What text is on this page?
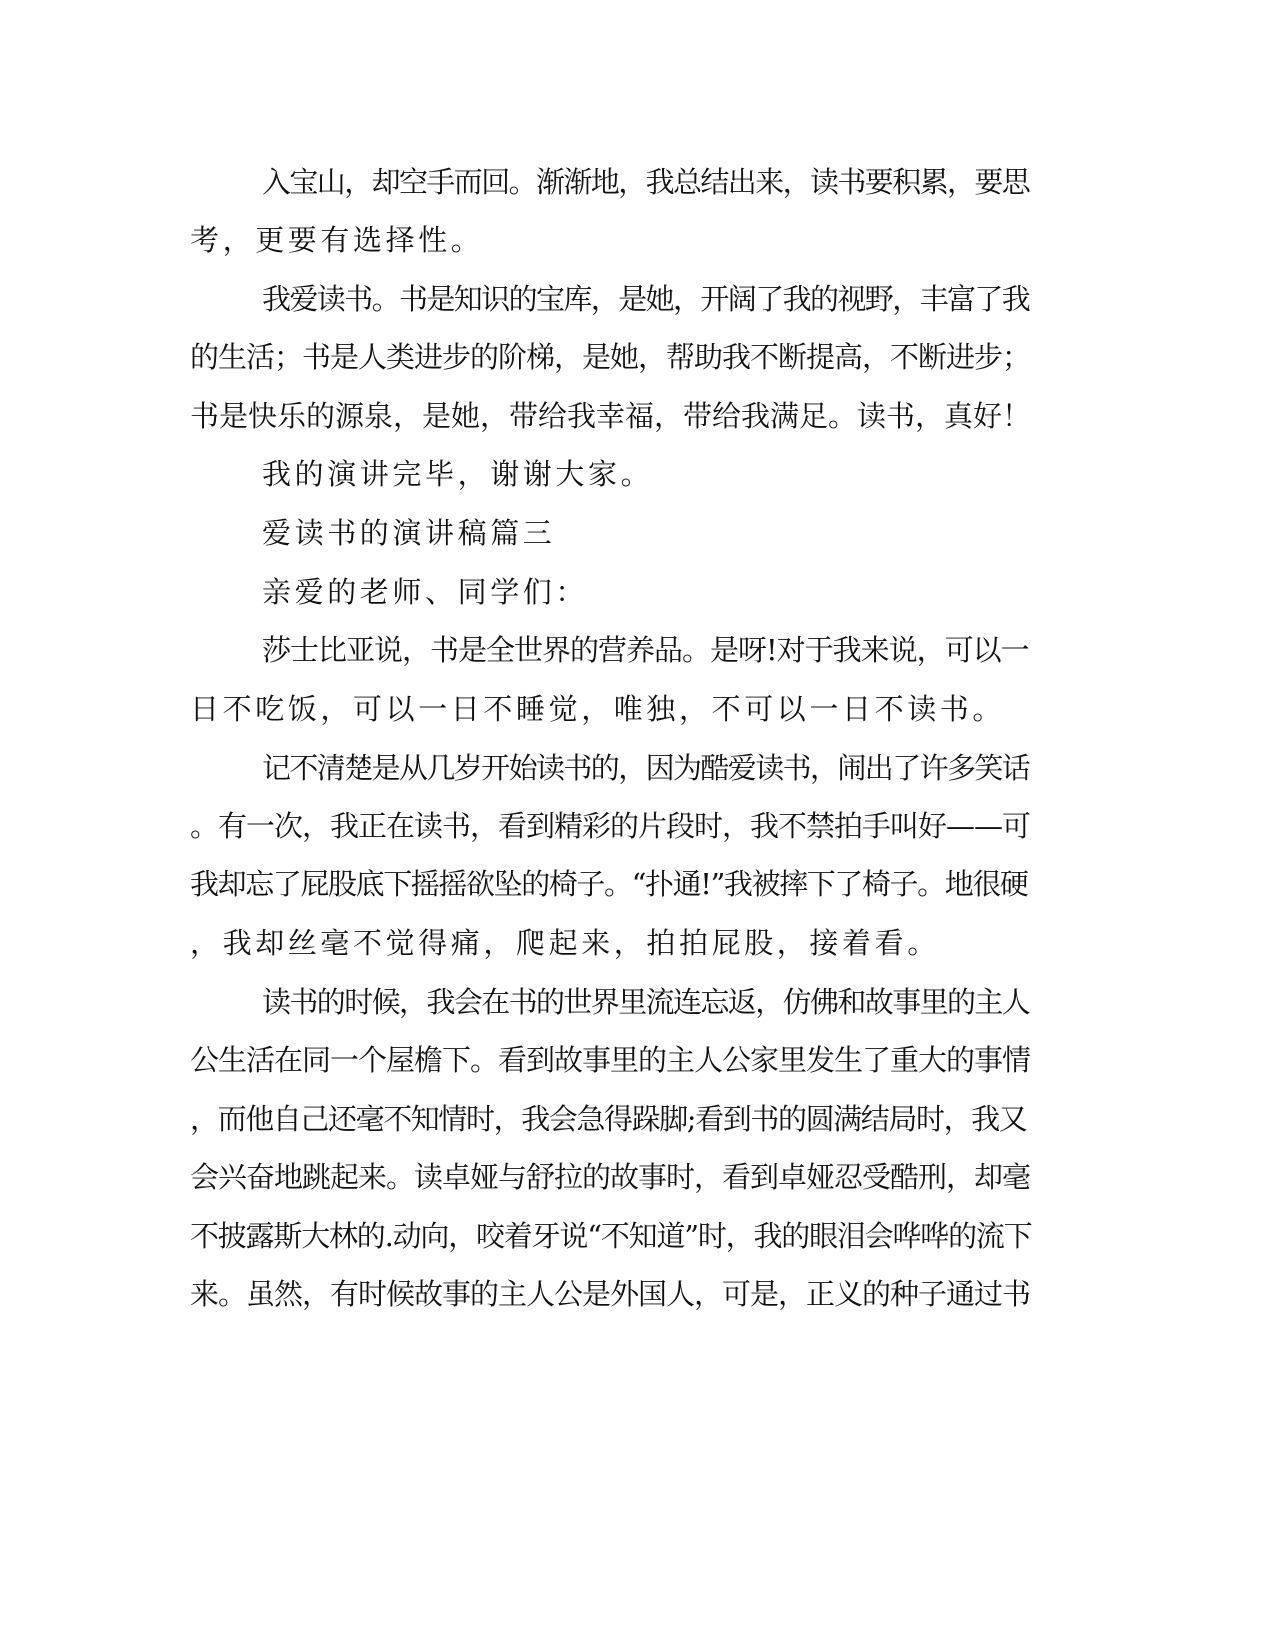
入宝山，却空手而回。渐渐地，我总结出来，读书要积累，要思
考，更要有选择性。
我爱读书。书是知识的宝库，是她，开阔了我的视野，丰富了我
的生活；书是人类进步的阶梯，是她，帮助我不断提高，不断进步；
书是快乐的源泉，是她，带给我幸福，带给我满足。读书，真好！
我的演讲完毕，谢谢大家。
爱读书的演讲稿篇三
亲爱的老师、同学们：
莎士比亚说，书是全世界的营养品。是呀!对于我来说，可以一
日不吃饭，可以一日不睡觉，唯独，不可以一日不读书。
记不清楚是从几岁开始读书的，因为酷爱读书，闹出了许多笑话
。有一次，我正在读书，看到精彩的片段时，我不禁拍手叫好——可
我却忘了屁股底下摇摇欲坠的椅子。“扑通!”我被摔下了椅子。地很硬
，我却丝毫不觉得痛，爬起来，拍拍屁股，接着看。
读书的时候，我会在书的世界里流连忘返，仿佛和故事里的主人
公生活在同一个屋檐下。看到故事里的主人公家里发生了重大的事情
，而他自己还毫不知情时，我会急得跺脚;看到书的圆满结局时，我又
会兴奋地跳起来。读卓娅与舒拉的故事时，看到卓娅忍受酷刑，却毫
不披露斯大林的.动向，咬着牙说“不知道”时，我的眼泪会哗哗的流下
来。虽然，有时候故事的主人公是外国人，可是，正义的种子通过书
